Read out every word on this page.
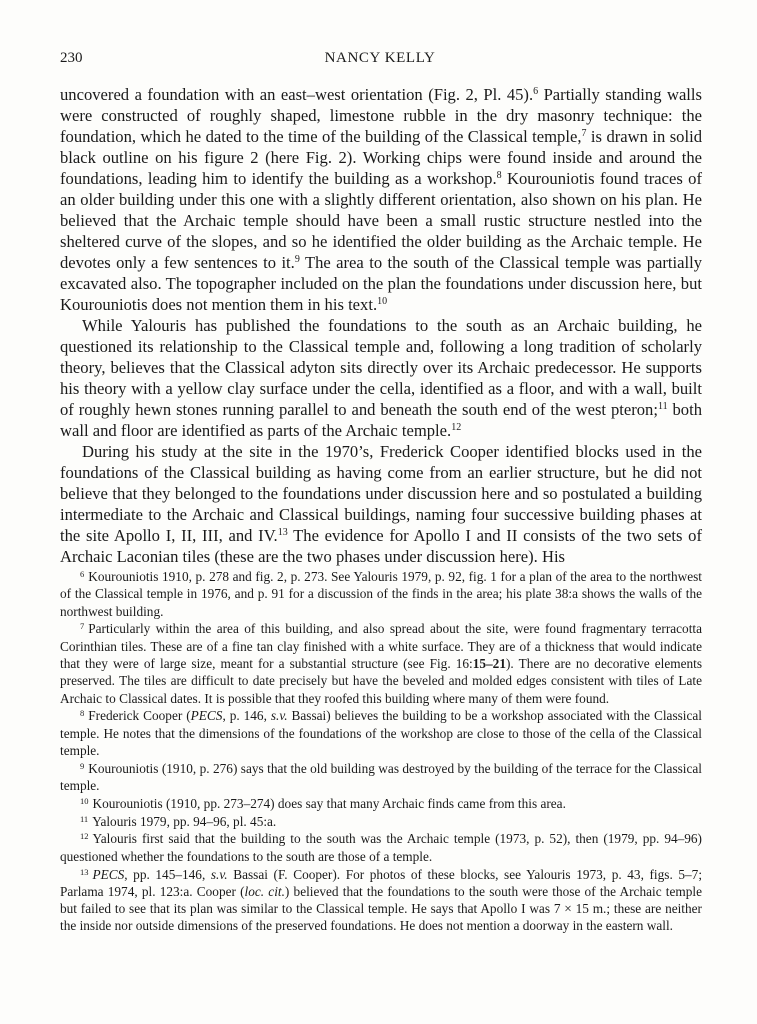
230	NANCY KELLY

uncovered a foundation with an east–west orientation (Fig. 2, Pl. 45).$^6$ Partially standing walls were constructed of roughly shaped, limestone rubble in the dry masonry technique: the foundation, which he dated to the time of the building of the Classical temple,$^7$ is drawn in solid black outline on his figure 2 (here Fig. 2). Working chips were found inside and around the foundations, leading him to identify the building as a workshop.$^8$ Kourouniotis found traces of an older building under this one with a slightly different orientation, also shown on his plan. He believed that the Archaic temple should have been a small rustic structure nestled into the sheltered curve of the slopes, and so he identified the older building as the Archaic temple. He devotes only a few sentences to it.$^9$ The area to the south of the Classical temple was partially excavated also. The topographer included on the plan the foundations under discussion here, but Kourouniotis does not mention them in his text.$^{10}$

While Yalouris has published the foundations to the south as an Archaic building, he questioned its relationship to the Classical temple and, following a long tradition of scholarly theory, believes that the Classical adyton sits directly over its Archaic predecessor. He supports his theory with a yellow clay surface under the cella, identified as a floor, and with a wall, built of roughly hewn stones running parallel to and beneath the south end of the west pteron;$^{11}$ both wall and floor are identified as parts of the Archaic temple.$^{12}$

During his study at the site in the 1970’s, Frederick Cooper identified blocks used in the foundations of the Classical building as having come from an earlier structure, but he did not believe that they belonged to the foundations under discussion here and so postulated a building intermediate to the Archaic and Classical buildings, naming four successive building phases at the site Apollo I, II, III, and IV.$^{13}$ The evidence for Apollo I and II consists of the two sets of Archaic Laconian tiles (these are the two phases under discussion here). His

$^6$ Kourouniotis 1910, p. 278 and fig. 2, p. 273. See Yalouris 1979, p. 92, fig. 1 for a plan of the area to the northwest of the Classical temple in 1976, and p. 91 for a discussion of the finds in the area; his plate 38:a shows the walls of the northwest building.

$^7$ Particularly within the area of this building, and also spread about the site, were found fragmentary terracotta Corinthian tiles. These are of a fine tan clay finished with a white surface. They are of a thickness that would indicate that they were of large size, meant for a substantial structure (see Fig. 16:15–21). There are no decorative elements preserved. The tiles are difficult to date precisely but have the beveled and molded edges consistent with tiles of Late Archaic to Classical dates. It is possible that they roofed this building where many of them were found.

$^8$ Frederick Cooper (PECS, p. 146, s.v. Bassai) believes the building to be a workshop associated with the Classical temple. He notes that the dimensions of the foundations of the workshop are close to those of the cella of the Classical temple.

$^9$ Kourouniotis (1910, p. 276) says that the old building was destroyed by the building of the terrace for the Classical temple.

$^{10}$ Kourouniotis (1910, pp. 273–274) does say that many Archaic finds came from this area.

$^{11}$ Yalouris 1979, pp. 94–96, pl. 45:a.

$^{12}$ Yalouris first said that the building to the south was the Archaic temple (1973, p. 52), then (1979, pp. 94–96) questioned whether the foundations to the south are those of a temple.

$^{13}$ PECS, pp. 145–146, s.v. Bassai (F. Cooper). For photos of these blocks, see Yalouris 1973, p. 43, figs. 5–7; Parlama 1974, pl. 123:a. Cooper (loc. cit.) believed that the foundations to the south were those of the Archaic temple but failed to see that its plan was similar to the Classical temple. He says that Apollo I was 7 × 15 m.; these are neither the inside nor outside dimensions of the preserved foundations. He does not mention a doorway in the eastern wall.
